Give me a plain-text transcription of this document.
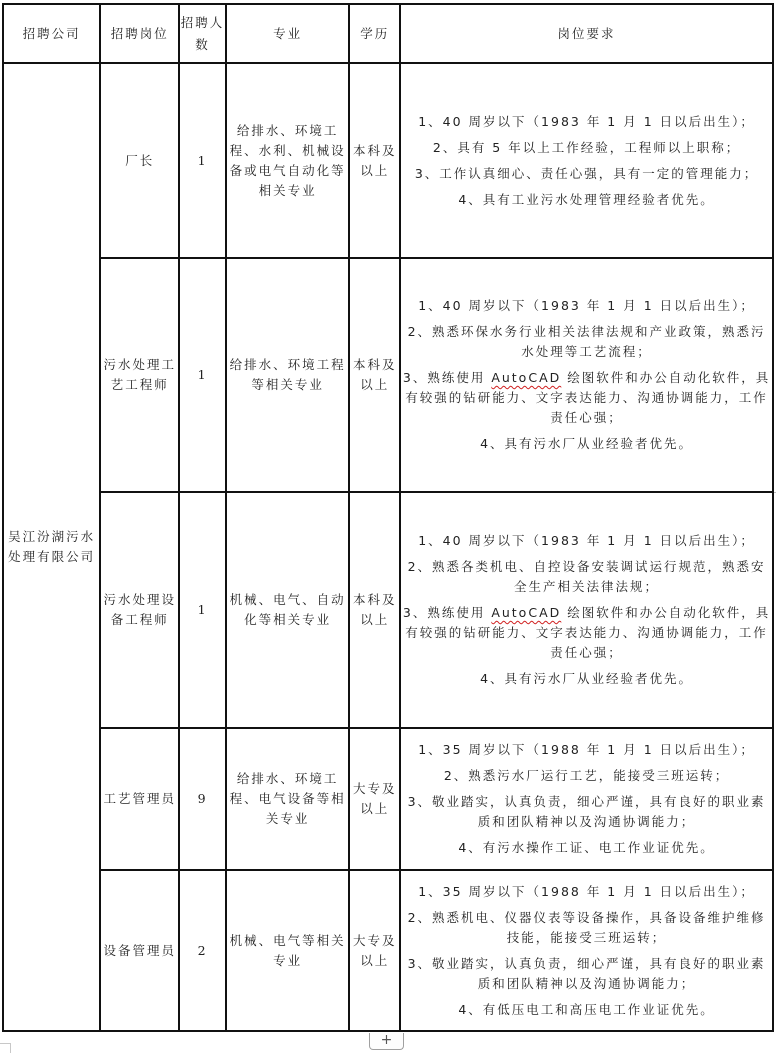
招聘公司	招聘岗位	招聘人数	专业	学历	岗位要求
吴江汾湖污水处理有限公司	厂长	1	给排水、环境工程、水利、机械设备或电气自动化等相关专业	本科及以上	1、40 周岁以下（1983 年 1 月 1 日以后出生）；
2、具有 5 年以上工作经验，工程师以上职称；
3、工作认真细心、责任心强，具有一定的管理能力；
4、具有工业污水处理管理经验者优先。

	污水处理工艺工程师	1	给排水、环境工程等相关专业	本科及以上	1、40 周岁以下（1983 年 1 月 1 日以后出生）；
2、熟悉环保水务行业相关法律法规和产业政策，熟悉污水处理等工艺流程；
3、熟练使用 AutoCAD 绘图软件和办公自动化软件，具有较强的钻研能力、文字表达能力、沟通协调能力，工作责任心强；
4、具有污水厂从业经验者优先。

	污水处理设备工程师	1	机械、电气、自动化等相关专业	本科及以上	1、40 周岁以下（1983 年 1 月 1 日以后出生）；
2、熟悉各类机电、自控设备安装调试运行规范，熟悉安全生产相关法律法规；
3、熟练使用 AutoCAD 绘图软件和办公自动化软件，具有较强的钻研能力、文字表达能力、沟通协调能力，工作责任心强；
4、具有污水厂从业经验者优先。

	工艺管理员	9	给排水、环境工程、电气设备等相关专业	大专及以上	1、35 周岁以下（1988 年 1 月 1 日以后出生）；
2、熟悉污水厂运行工艺，能接受三班运转；
3、敬业踏实，认真负责，细心严谨，具有良好的职业素质和团队精神以及沟通协调能力；
4、有污水操作工证、电工作业证优先。

	设备管理员	2	机械、电气等相关专业	大专及以上	1、35 周岁以下（1988 年 1 月 1 日以后出生）；
2、熟悉机电、仪器仪表等设备操作，具备设备维护维修技能，能接受三班运转；
3、敬业踏实，认真负责，细心严谨，具有良好的职业素质和团队精神以及沟通协调能力；
4、有低压电工和高压电工作业证优先。
+
